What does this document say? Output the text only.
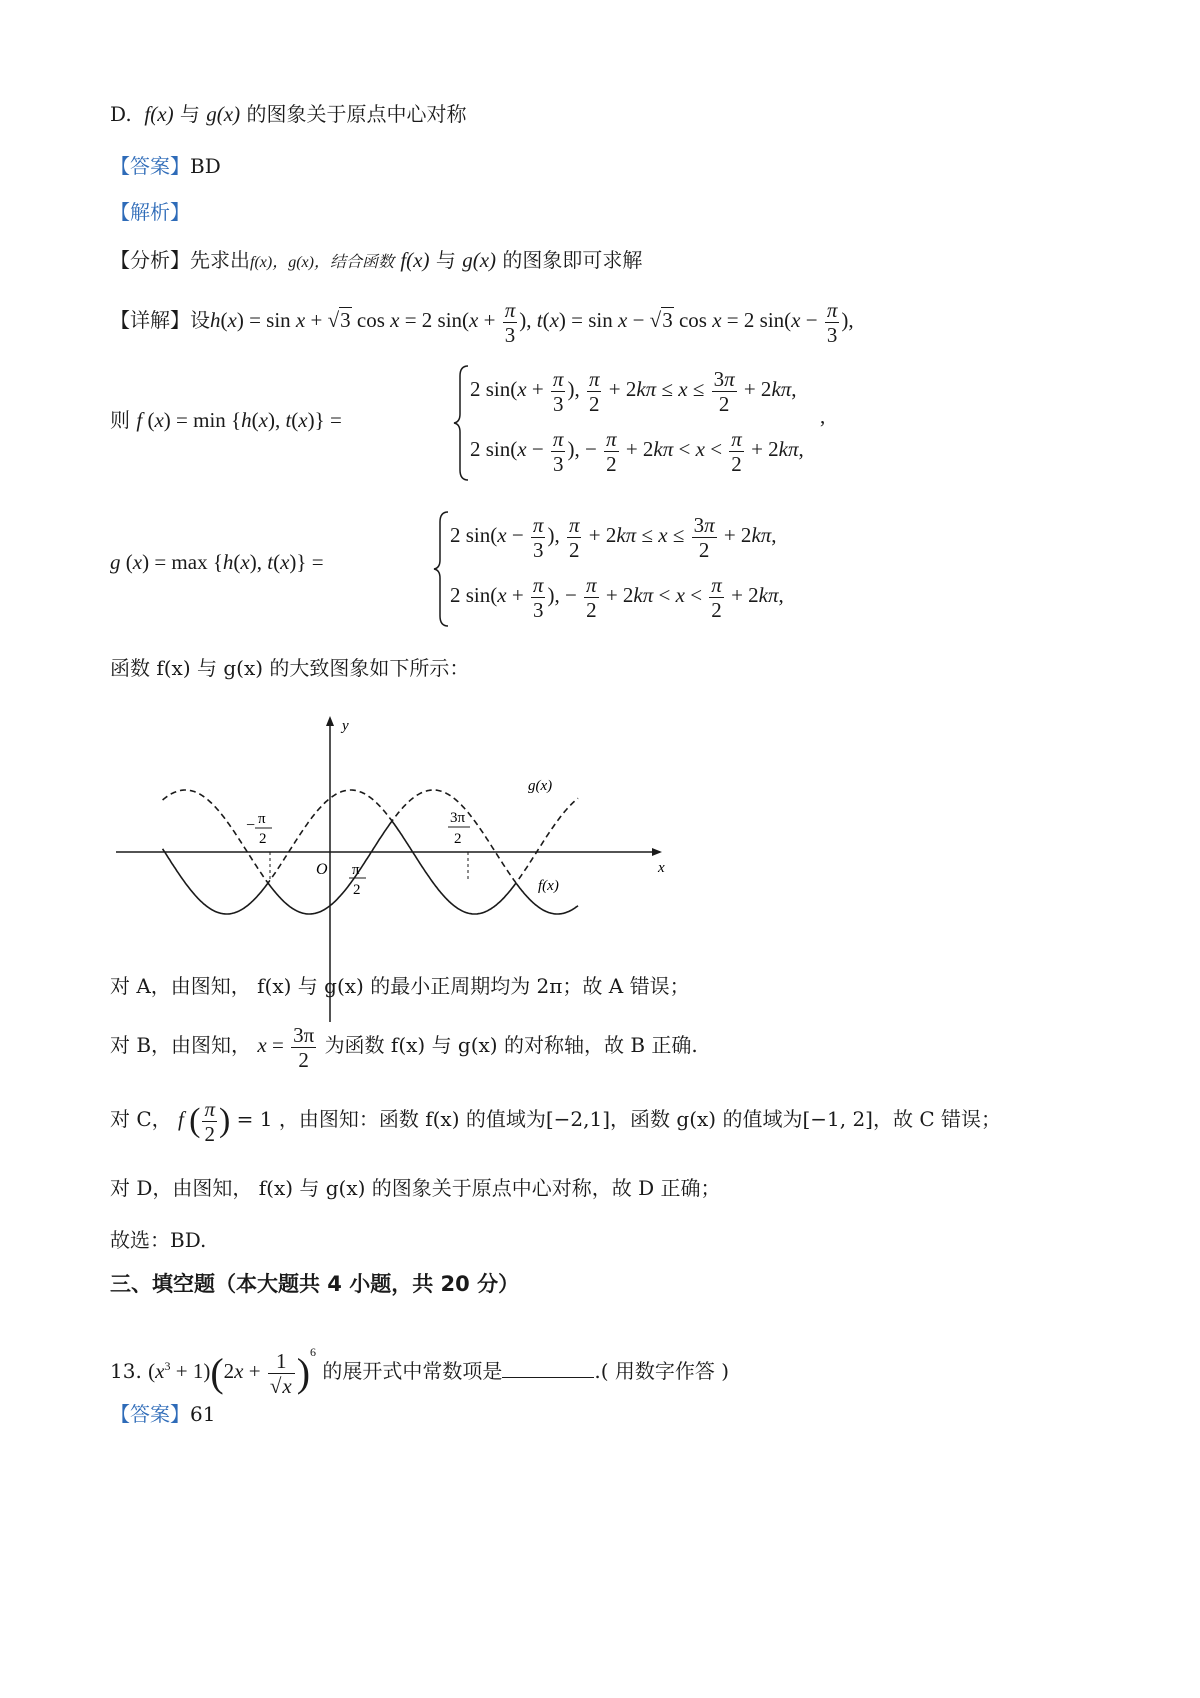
D. f(x) 与 g(x) 的图象关于原点中心对称
【答案】BD
【解析】
【分析】先求出f(x)，g(x)，结合函数 f(x) 与 g(x) 的图象即可求解
【详解】设h(x) = sin x + √3 cos x = 2 $\sin(x + \frac{\pi}{3}$ ), t(x) = sin x − √3 cos x = 2 $\sin(x - \frac{\pi}{3}$ ),
则 f (x) = min {h(x), t(x)} =
2 $\sin(x + \frac{\pi}{3}$ ), $\frac{\pi}{2} + 2k\pi \le x \le \frac{3\pi}{2} + 2k\pi$,
2 $\sin(x - \frac{\pi}{3}$ ), − $\frac{\pi}{2} + 2k\pi < x < \frac{\pi}{2} + 2k\pi$,
,
g (x) = max {h(x), t(x)} =
2 $\sin(x - \frac{\pi}{3}$ ), $\frac{\pi}{2} + 2k\pi \le x \le \frac{3\pi}{2} + 2k\pi$,
2 $\sin(x + \frac{\pi}{3}$ ), − $\frac{\pi}{2} + 2k\pi < x < \frac{\pi}{2} + 2k\pi$,
函数 f(x) 与 g(x) 的大致图象如下所示：
y
x
O
− π
2
π
2
3π
2
g(x)
f(x)
对 A，由图知， f(x) 与 g(x) 的最小正周期均为 2π；故 A 错误；
对 B，由图知， $x = \frac{3\pi}{2}$ 为函数 f(x) 与 g(x) 的对称轴，故 B 正确.
对 C， f ( $\frac{\pi}{2}$ ) = 1 ，由图知：函数 f(x) 的值域为[−2,1]，函数 g(x) 的值域为[−1, 2]，故 C 错误；
对 D，由图知， f(x) 与 g(x) 的图象关于原点中心对称，故 D 正确；
故选：BD.
三、填空题（本大题共 4 小题，共 20 分）
13. $(x^3 + 1)(2x + \frac{1}{√x} )^6$ 的展开式中常数项是	.( 用数字作答 )
【答案】61
